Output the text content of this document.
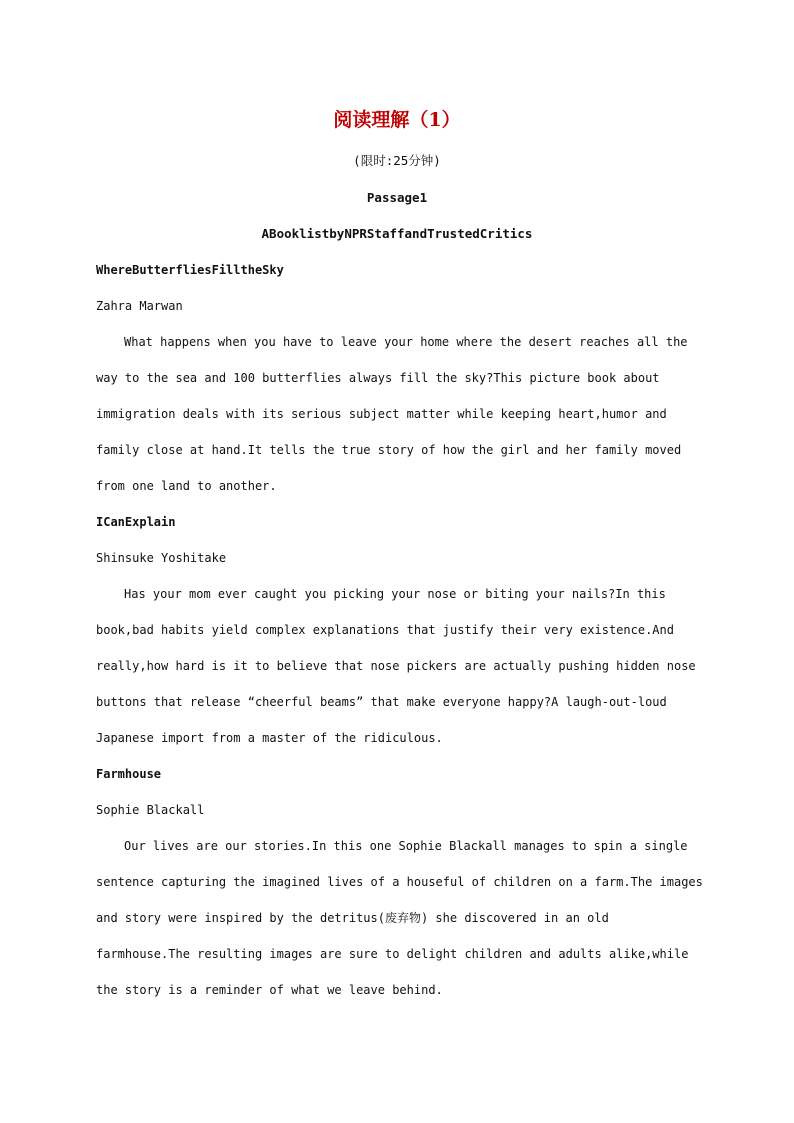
阅读理解（1）
(限时:25分钟)
Passage1
ABooklistbyNPRStaffandTrustedCritics
WhereButterfliesFilltheSky
Zahra Marwan
What happens when you have to leave your home where the desert reaches all the
way to the sea and 100 butterflies always fill the sky?This picture book about
immigration deals with its serious subject matter while keeping heart,humor and
family close at hand.It tells the true story of how the girl and her family moved
from one land to another.
ICanExplain
Shinsuke Yoshitake
Has your mom ever caught you picking your nose or biting your nails?In this
book,bad habits yield complex explanations that justify their very existence.And
really,how hard is it to believe that nose pickers are actually pushing hidden nose
buttons that release “cheerful beams” that make everyone happy?A laugh-out-loud
Japanese import from a master of the ridiculous.
Farmhouse
Sophie Blackall
Our lives are our stories.In this one Sophie Blackall manages to spin a single
sentence capturing the imagined lives of a houseful of children on a farm.The images
and story were inspired by the detritus(废弃物) she discovered in an old
farmhouse.The resulting images are sure to delight children and adults alike,while
the story is a reminder of what we leave behind.
